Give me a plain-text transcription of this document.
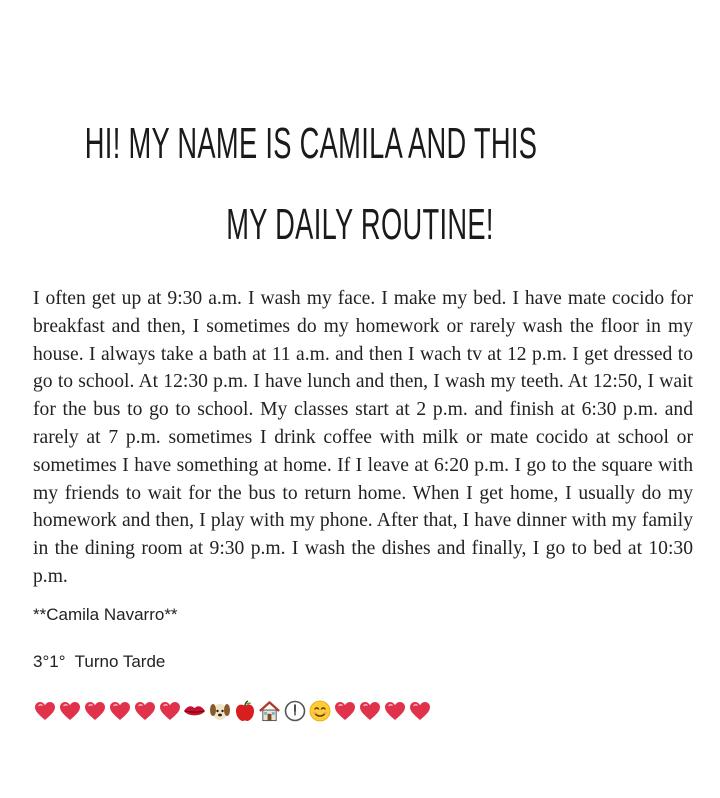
HI! MY NAME IS CAMILA AND THIS
MY DAILY ROUTINE!

I often get up at 9:30 a.m. I wash my face. I make my bed. I have mate cocido for breakfast and then, I sometimes do my homework or rarely wash the floor in my house. I always take a bath at 11 a.m. and then I wach tv at 12 p.m. I get dressed to go to school. At 12:30 p.m. I have lunch and then, I wash my teeth. At 12:50, I wait for the bus to go to school. My classes start at 2 p.m. and finish at 6:30 p.m. and rarely at 7 p.m. sometimes I drink coffee with milk or mate cocido at school or sometimes I have something at home. If I leave at 6:20 p.m. I go to the square with my friends to wait for the bus to return home. When I get home, I usually do my homework and then, I play with my phone. After that, I have dinner with my family in the dining room at 9:30 p.m. I wash the dishes and finally, I go to bed at 10:30 p.m.

**Camila Navarro**

3°1°  Turno Tarde
